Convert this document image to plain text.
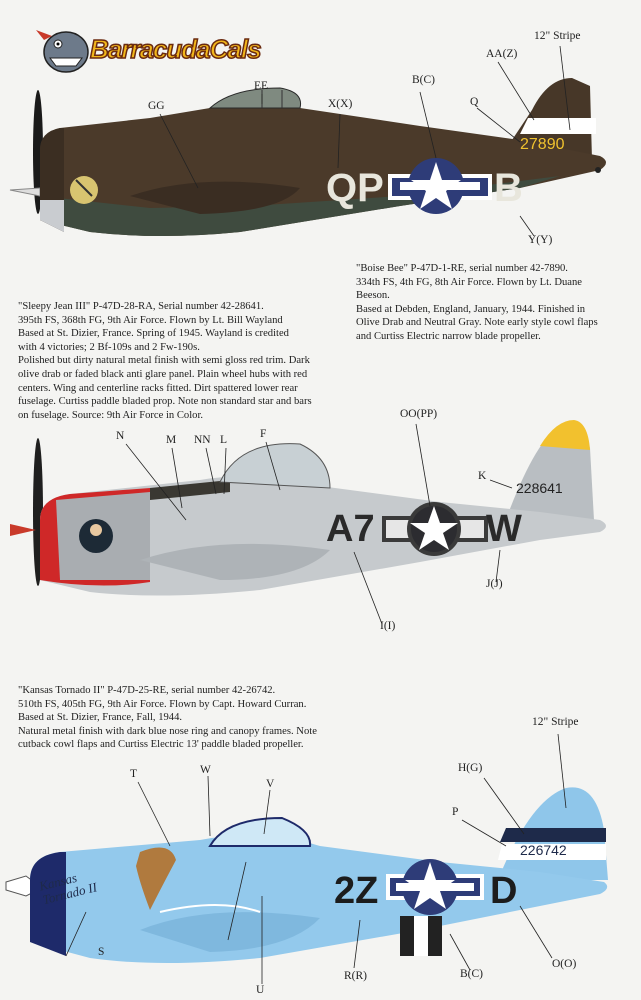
BarracudaCals
27890
QP	B
12" Stripe
AA(Z)
Q
B(C)
EE
GG	X(X)
Y(Y)
"Boise Bee" P-47D-1-RE, serial number 42-7890.
334th FS, 4th FG, 8th Air Force. Flown by Lt. Duane
Beeson.
Based at Debden, England, January, 1944. Finished in
Olive Drab and Neutral Gray. Note early style cowl flaps
and Curtiss Electric narrow blade propeller.
"Sleepy Jean III" P-47D-28-RA, Serial number 42-28641.
395th FS, 368th FG, 9th Air Force. Flown by Lt. Bill Wayland
Based at St. Dizier, France. Spring of 1945. Wayland is credited
with 4 victories; 2 Bf-109s and 2 Fw-190s.
Polished but dirty natural metal finish with semi gloss red trim. Dark
olive drab or faded black anti glare panel. Plain wheel hubs with red
centers. Wing and centerline racks fitted. Dirt spattered lower rear
fuselage. Curtiss paddle bladed prop. Note non standard star and bars
on fuselage. Source: 9th Air Force in Color.
228641
A7	W
N	M NN L	F
OO(PP)
K
J(J)
I(I)
"Kansas Tornado II" P-47D-25-RE, serial number 42-26742.
510th FS, 405th FG, 9th Air Force. Flown by Capt. Howard Curran.
Based at St. Dizier, France, Fall, 1944.
Natural metal finish with dark blue nose ring and canopy frames. Note
cutback cowl flaps and Curtiss Electric 13' paddle bladed propeller.
226742
2Z	D
Kansas Tornado II
12" Stripe
H(G)
P
T	W
V
S
U
R(R)	B(C)
O(O)
